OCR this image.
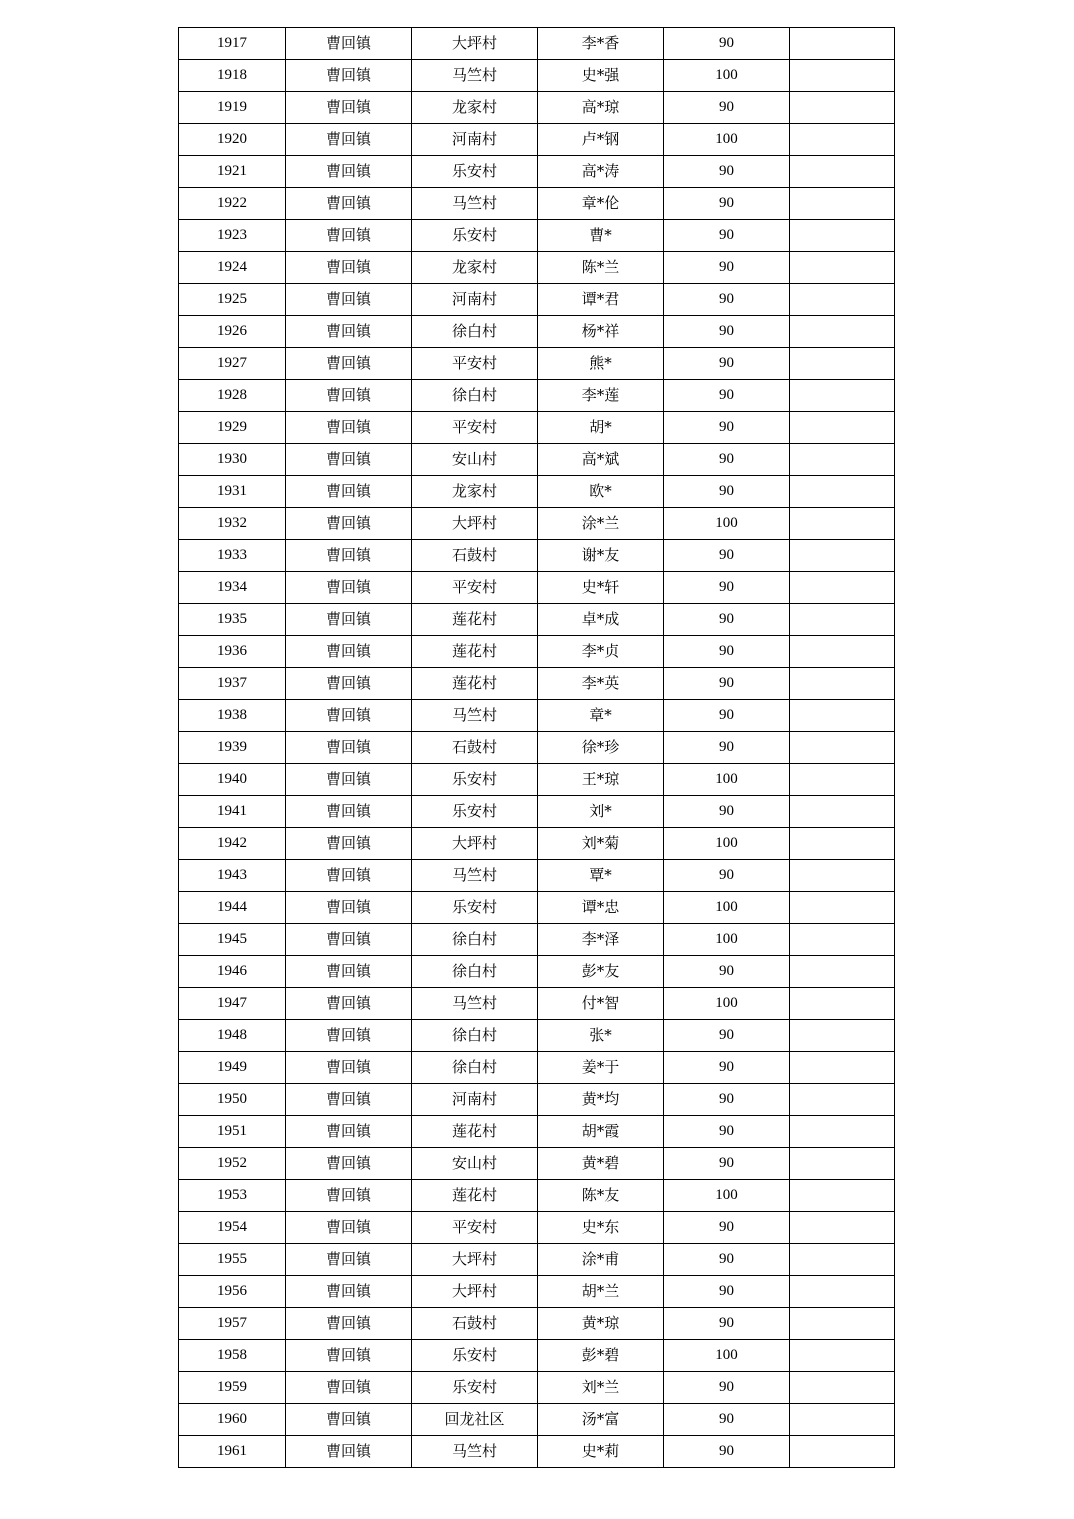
1917	曹回镇	大坪村	李*香	90	
1918	曹回镇	马竺村	史*强	100	
1919	曹回镇	龙家村	高*琼	90	
1920	曹回镇	河南村	卢*钢	100	
1921	曹回镇	乐安村	高*涛	90	
1922	曹回镇	马竺村	章*伦	90	
1923	曹回镇	乐安村	曹*	90	
1924	曹回镇	龙家村	陈*兰	90	
1925	曹回镇	河南村	谭*君	90	
1926	曹回镇	徐白村	杨*祥	90	
1927	曹回镇	平安村	熊*	90	
1928	曹回镇	徐白村	李*莲	90	
1929	曹回镇	平安村	胡*	90	
1930	曹回镇	安山村	高*斌	90	
1931	曹回镇	龙家村	欧*	90	
1932	曹回镇	大坪村	涂*兰	100	
1933	曹回镇	石鼓村	谢*友	90	
1934	曹回镇	平安村	史*轩	90	
1935	曹回镇	莲花村	卓*成	90	
1936	曹回镇	莲花村	李*贞	90	
1937	曹回镇	莲花村	李*英	90	
1938	曹回镇	马竺村	章*	90	
1939	曹回镇	石鼓村	徐*珍	90	
1940	曹回镇	乐安村	王*琼	100	
1941	曹回镇	乐安村	刘*	90	
1942	曹回镇	大坪村	刘*菊	100	
1943	曹回镇	马竺村	覃*	90	
1944	曹回镇	乐安村	谭*忠	100	
1945	曹回镇	徐白村	李*泽	100	
1946	曹回镇	徐白村	彭*友	90	
1947	曹回镇	马竺村	付*智	100	
1948	曹回镇	徐白村	张*	90	
1949	曹回镇	徐白村	姜*于	90	
1950	曹回镇	河南村	黄*均	90	
1951	曹回镇	莲花村	胡*霞	90	
1952	曹回镇	安山村	黄*碧	90	
1953	曹回镇	莲花村	陈*友	100	
1954	曹回镇	平安村	史*东	90	
1955	曹回镇	大坪村	涂*甫	90	
1956	曹回镇	大坪村	胡*兰	90	
1957	曹回镇	石鼓村	黄*琼	90	
1958	曹回镇	乐安村	彭*碧	100	
1959	曹回镇	乐安村	刘*兰	90	
1960	曹回镇	回龙社区	汤*富	90	
1961	曹回镇	马竺村	史*莉	90	
